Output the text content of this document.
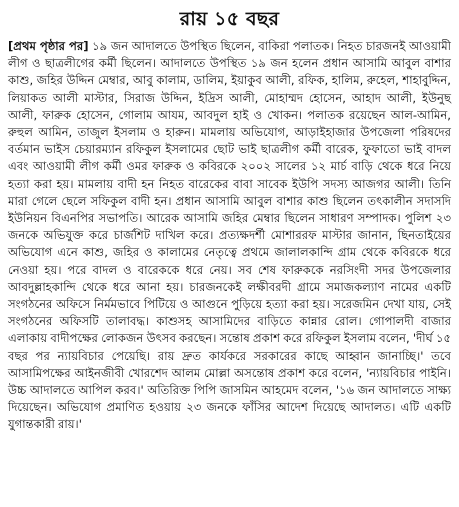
রায় ১৫ বছর

[প্রথম পৃষ্ঠার পর] ১৯ জন আদালতে উপস্থিত ছিলেন, বাকিরা পলাতক। নিহত চারজনই আওয়ামী লীগ ও ছাত্রলীগের কর্মী ছিলেন। আদালতে উপস্থিত ১৯ জন হলেন প্রধান আসামি আবুল বাশার কাশু, জহির উদ্দিন মেম্বার, আবু কালাম, ডালিম, ইয়াকুব আলী, রফিক, হালিম, রুহেল, শাহাবুদ্দিন, লিয়াকত আলী মাস্টার, সিরাজ উদ্দিন, ইদ্রিস আলী, মোহাম্মদ হোসেন, আহাদ আলী, ইউনুছ আলী, ফারুক হোসেন, গোলাম আযম, আবদুল হাই ও খোকন। পলাতক রয়েছেন আল-আমিন, রুহুল আমিন, তাজুল ইসলাম ও হারুন। মামলায় অভিযোগ, আড়াইহাজার উপজেলা পরিষদের বর্তমান ভাইস চেয়ারম্যান রফিকুল ইসলামের ছোট ভাই ছাত্রলীগ কর্মী বারেক, ফুফাতো ভাই বাদল এবং আওয়ামী লীগ কর্মী ওমর ফারুক ও কবিরকে ২০০২ সালের ১২ মার্চ বাড়ি থেকে ধরে নিয়ে হত্যা করা হয়। মামলায় বাদী হন নিহত বারেকের বাবা সাবেক ইউপি সদস্য আজগর আলী। তিনি মারা গেলে ছেলে সফিকুল বাদী হন। প্রধান আসামি আবুল বাশার কাশু ছিলেন তৎকালীন সদাসদি ইউনিয়ন বিএনপির সভাপতি। আরেক আসামি জহির মেম্বার ছিলেন সাধারণ সম্পাদক। পুলিশ ২৩ জনকে অভিযুক্ত করে চার্জশিট দাখিল করে। প্রত্যক্ষদর্শী মোশাররফ মাস্টার জানান, ছিনতাইয়ের অভিযোগ এনে কাশু, জহির ও কালামের নেতৃত্বে প্রথমে জালালকান্দি গ্রাম থেকে কবিরকে ধরে নেওয়া হয়। পরে বাদল ও বারেককে ধরে নেয়। সব শেষ ফারুককে নরসিংদী সদর উপজেলার আবদুল্লাহকান্দি থেকে ধরে আনা হয়। চারজনকেই লক্ষীবরদী গ্রামে সমাজকল্যাণ নামের একটি সংগঠনের অফিসে নির্মমভাবে পিটিয়ে ও আগুনে পুড়িয়ে হত্যা করা হয়। সরেজমিন দেখা যায়, সেই সংগঠনের অফিসটি তালাবদ্ধ। কাশুসহ আসামিদের বাড়িতে কান্নার রোল। গোপালদী বাজার এলাকায় বাদীপক্ষের লোকজন উৎসব করছেন। সন্তোষ প্রকাশ করে রফিকুল ইসলাম বলেন, 'দীর্ঘ ১৫ বছর পর ন্যায়বিচার পেয়েছি। রায় দ্রুত কার্যকরে সরকারের কাছে আহ্বান জানাচ্ছি।' তবে আসামিপক্ষের আইনজীবী খোরশেদ আলম মোল্লা অসন্তোষ প্রকাশ করে বলেন, 'ন্যায়বিচার পাইনি। উচ্চ আদালতে আপিল করব।' অতিরিক্ত পিপি জাসমিন আহমেদ বলেন, '১৬ জন আদালতে সাক্ষ্য দিয়েছেন। অভিযোগ প্রমাণিত হওয়ায় ২৩ জনকে ফাঁসির আদেশ দিয়েছে আদালত। এটি একটি যুগান্তকারী রায়।'
